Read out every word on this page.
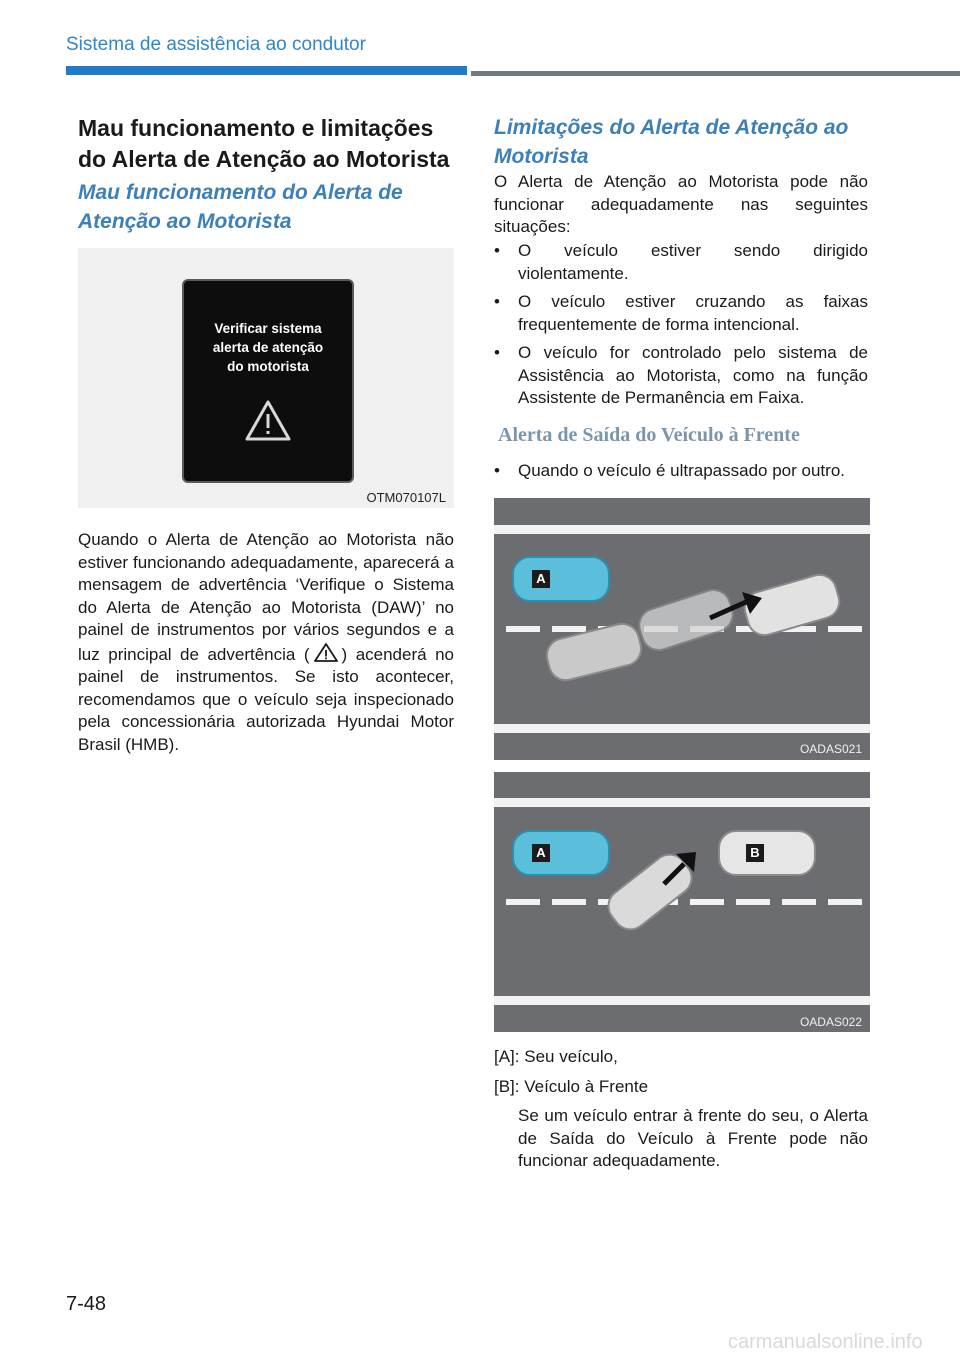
Sistema de assistência ao condutor
Mau funcionamento e limitações do Alerta de Atenção ao Motorista
Mau funcionamento do Alerta de Atenção ao Motorista
Verificar sistema
alerta de atenção
do motorista
OTM070107L
Quando o Alerta de Atenção ao Motorista não estiver funcionando adequadamente, aparecerá a mensagem de advertência ‘Verifique o Sistema do Alerta de Atenção ao Motorista (DAW)’ no painel de instrumentos por vários segundos e a luz principal de advertência ( ) acenderá no painel de instrumentos. Se isto acontecer, recomendamos que o veículo seja inspecionado pela concessionária autorizada Hyundai Motor Brasil (HMB).
Limitações do Alerta de Atenção ao Motorista
O Alerta de Atenção ao Motorista pode não funcionar adequadamente nas seguintes situações:
• O veículo estiver sendo dirigido violentamente.
• O veículo estiver cruzando as faixas frequentemente de forma intencional.
• O veículo for controlado pelo sistema de Assistência ao Motorista, como na função Assistente de Permanência em Faixa.
Alerta de Saída do Veículo à Frente
• Quando o veículo é ultrapassado por outro.
A
OADAS021
A	B
OADAS022
[A]: Seu veículo,
[B]: Veículo à Frente
Se um veículo entrar à frente do seu, o Alerta de Saída do Veículo à Frente pode não funcionar adequadamente.
7-48
carmanualsonline.info
